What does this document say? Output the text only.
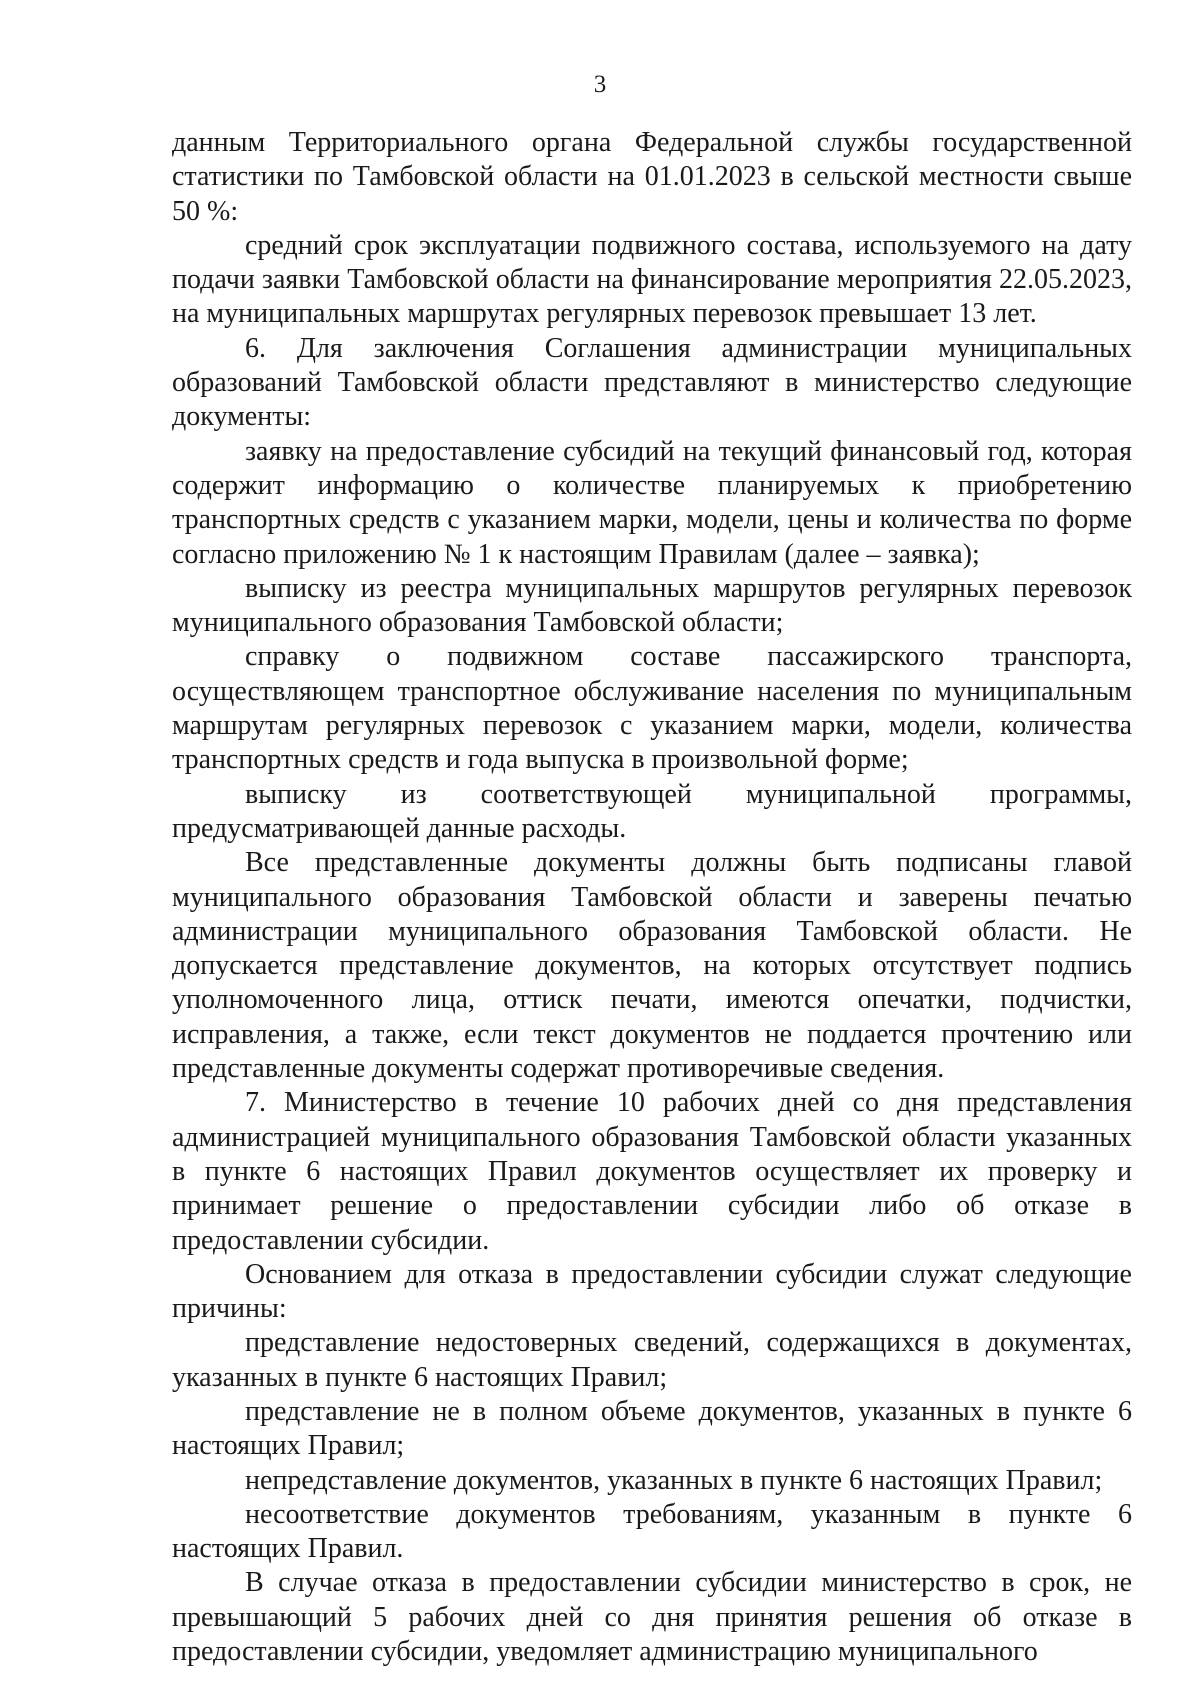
3

данным Территориального органа Федеральной службы государственной статистики по Тамбовской области на 01.01.2023 в сельской местности свыше 50 %:

средний срок эксплуатации подвижного состава, используемого на дату подачи заявки Тамбовской области на финансирование мероприятия 22.05.2023, на муниципальных маршрутах регулярных перевозок превышает 13 лет.

6. Для заключения Соглашения администрации муниципальных образований Тамбовской области представляют в министерство следующие документы:

заявку на предоставление субсидий на текущий финансовый год, которая содержит информацию о количестве планируемых к приобретению транспортных средств с указанием марки, модели, цены и количества по форме согласно приложению № 1 к настоящим Правилам (далее – заявка);

выписку из реестра муниципальных маршрутов регулярных перевозок муниципального образования Тамбовской области;

справку о подвижном составе пассажирского транспорта, осуществляющем транспортное обслуживание населения по муниципальным маршрутам регулярных перевозок с указанием марки, модели, количества транспортных средств и года выпуска в произвольной форме;

выписку из соответствующей муниципальной программы, предусматривающей данные расходы.

Все представленные документы должны быть подписаны главой муниципального образования Тамбовской области и заверены печатью администрации муниципального образования Тамбовской области. Не допускается представление документов, на которых отсутствует подпись уполномоченного лица, оттиск печати, имеются опечатки, подчистки, исправления, а также, если текст документов не поддается прочтению или представленные документы содержат противоречивые сведения.

7. Министерство в течение 10 рабочих дней со дня представления администрацией муниципального образования Тамбовской области указанных в пункте 6 настоящих Правил документов осуществляет их проверку и принимает решение о предоставлении субсидии либо об отказе в предоставлении субсидии.

Основанием для отказа в предоставлении субсидии служат следующие причины:

представление недостоверных сведений, содержащихся в документах, указанных в пункте 6 настоящих Правил;

представление не в полном объеме документов, указанных в пункте 6 настоящих Правил;

непредставление документов, указанных в пункте 6 настоящих Правил;

несоответствие документов требованиям, указанным в пункте 6 настоящих Правил.

В случае отказа в предоставлении субсидии министерство в срок, не превышающий 5 рабочих дней со дня принятия решения об отказе в предоставлении субсидии, уведомляет администрацию муниципального
